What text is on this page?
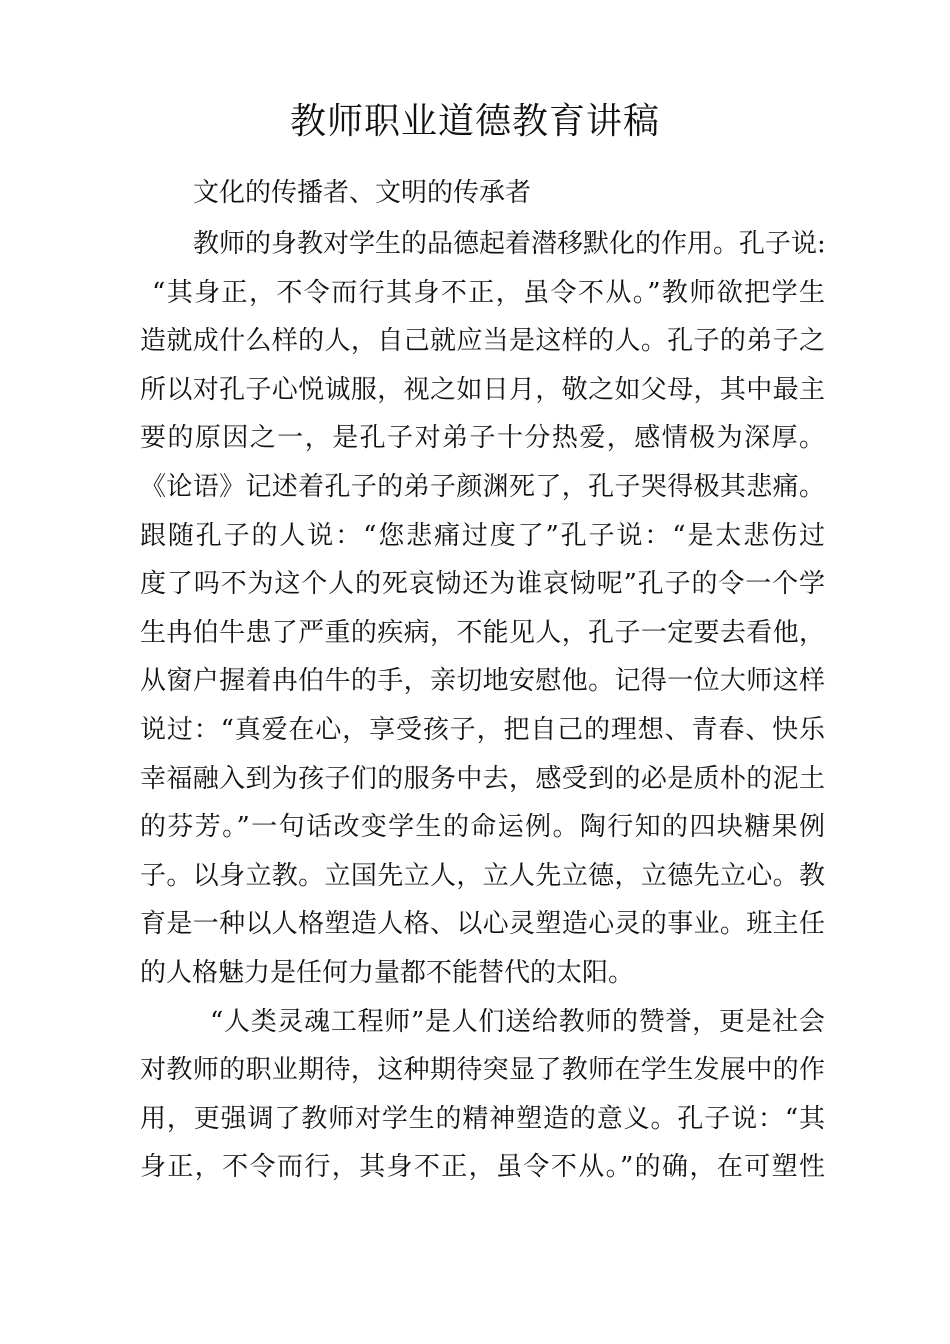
教师职业道德教育讲稿

文化的传播者、文明的传承者

教师的身教对学生的品德起着潜移默化的作用。孔子说:
“其身正，不令而行其身不正，虽令不从。”教师欲把学生
造就成什么样的人，自己就应当是这样的人。孔子的弟子之
所以对孔子心悦诚服，视之如日月，敬之如父母，其中最主
要的原因之一，是孔子对弟子十分热爱，感情极为深厚。
《论语》记述着孔子的弟子颜渊死了，孔子哭得极其悲痛。
跟随孔子的人说：“您悲痛过度了”孔子说：“是太悲伤过
度了吗不为这个人的死哀恸还为谁哀恸呢”孔子的令一个学
生冉伯牛患了严重的疾病，不能见人，孔子一定要去看他，
从窗户握着冉伯牛的手，亲切地安慰他。记得一位大师这样
说过：“真爱在心，享受孩子，把自己的理想、青春、快乐
幸福融入到为孩子们的服务中去，感受到的必是质朴的泥土
的芬芳。”一句话改变学生的命运例。陶行知的四块糖果例
子。以身立教。立国先立人，立人先立德，立德先立心。教
育是一种以人格塑造人格、以心灵塑造心灵的事业。班主任
的人格魅力是任何力量都不能替代的太阳。
“人类灵魂工程师”是人们送给教师的赞誉，更是社会
对教师的职业期待，这种期待突显了教师在学生发展中的作
用，更强调了教师对学生的精神塑造的意义。孔子说：“其
身正，不令而行，其身不正，虽令不从。”的确，在可塑性
